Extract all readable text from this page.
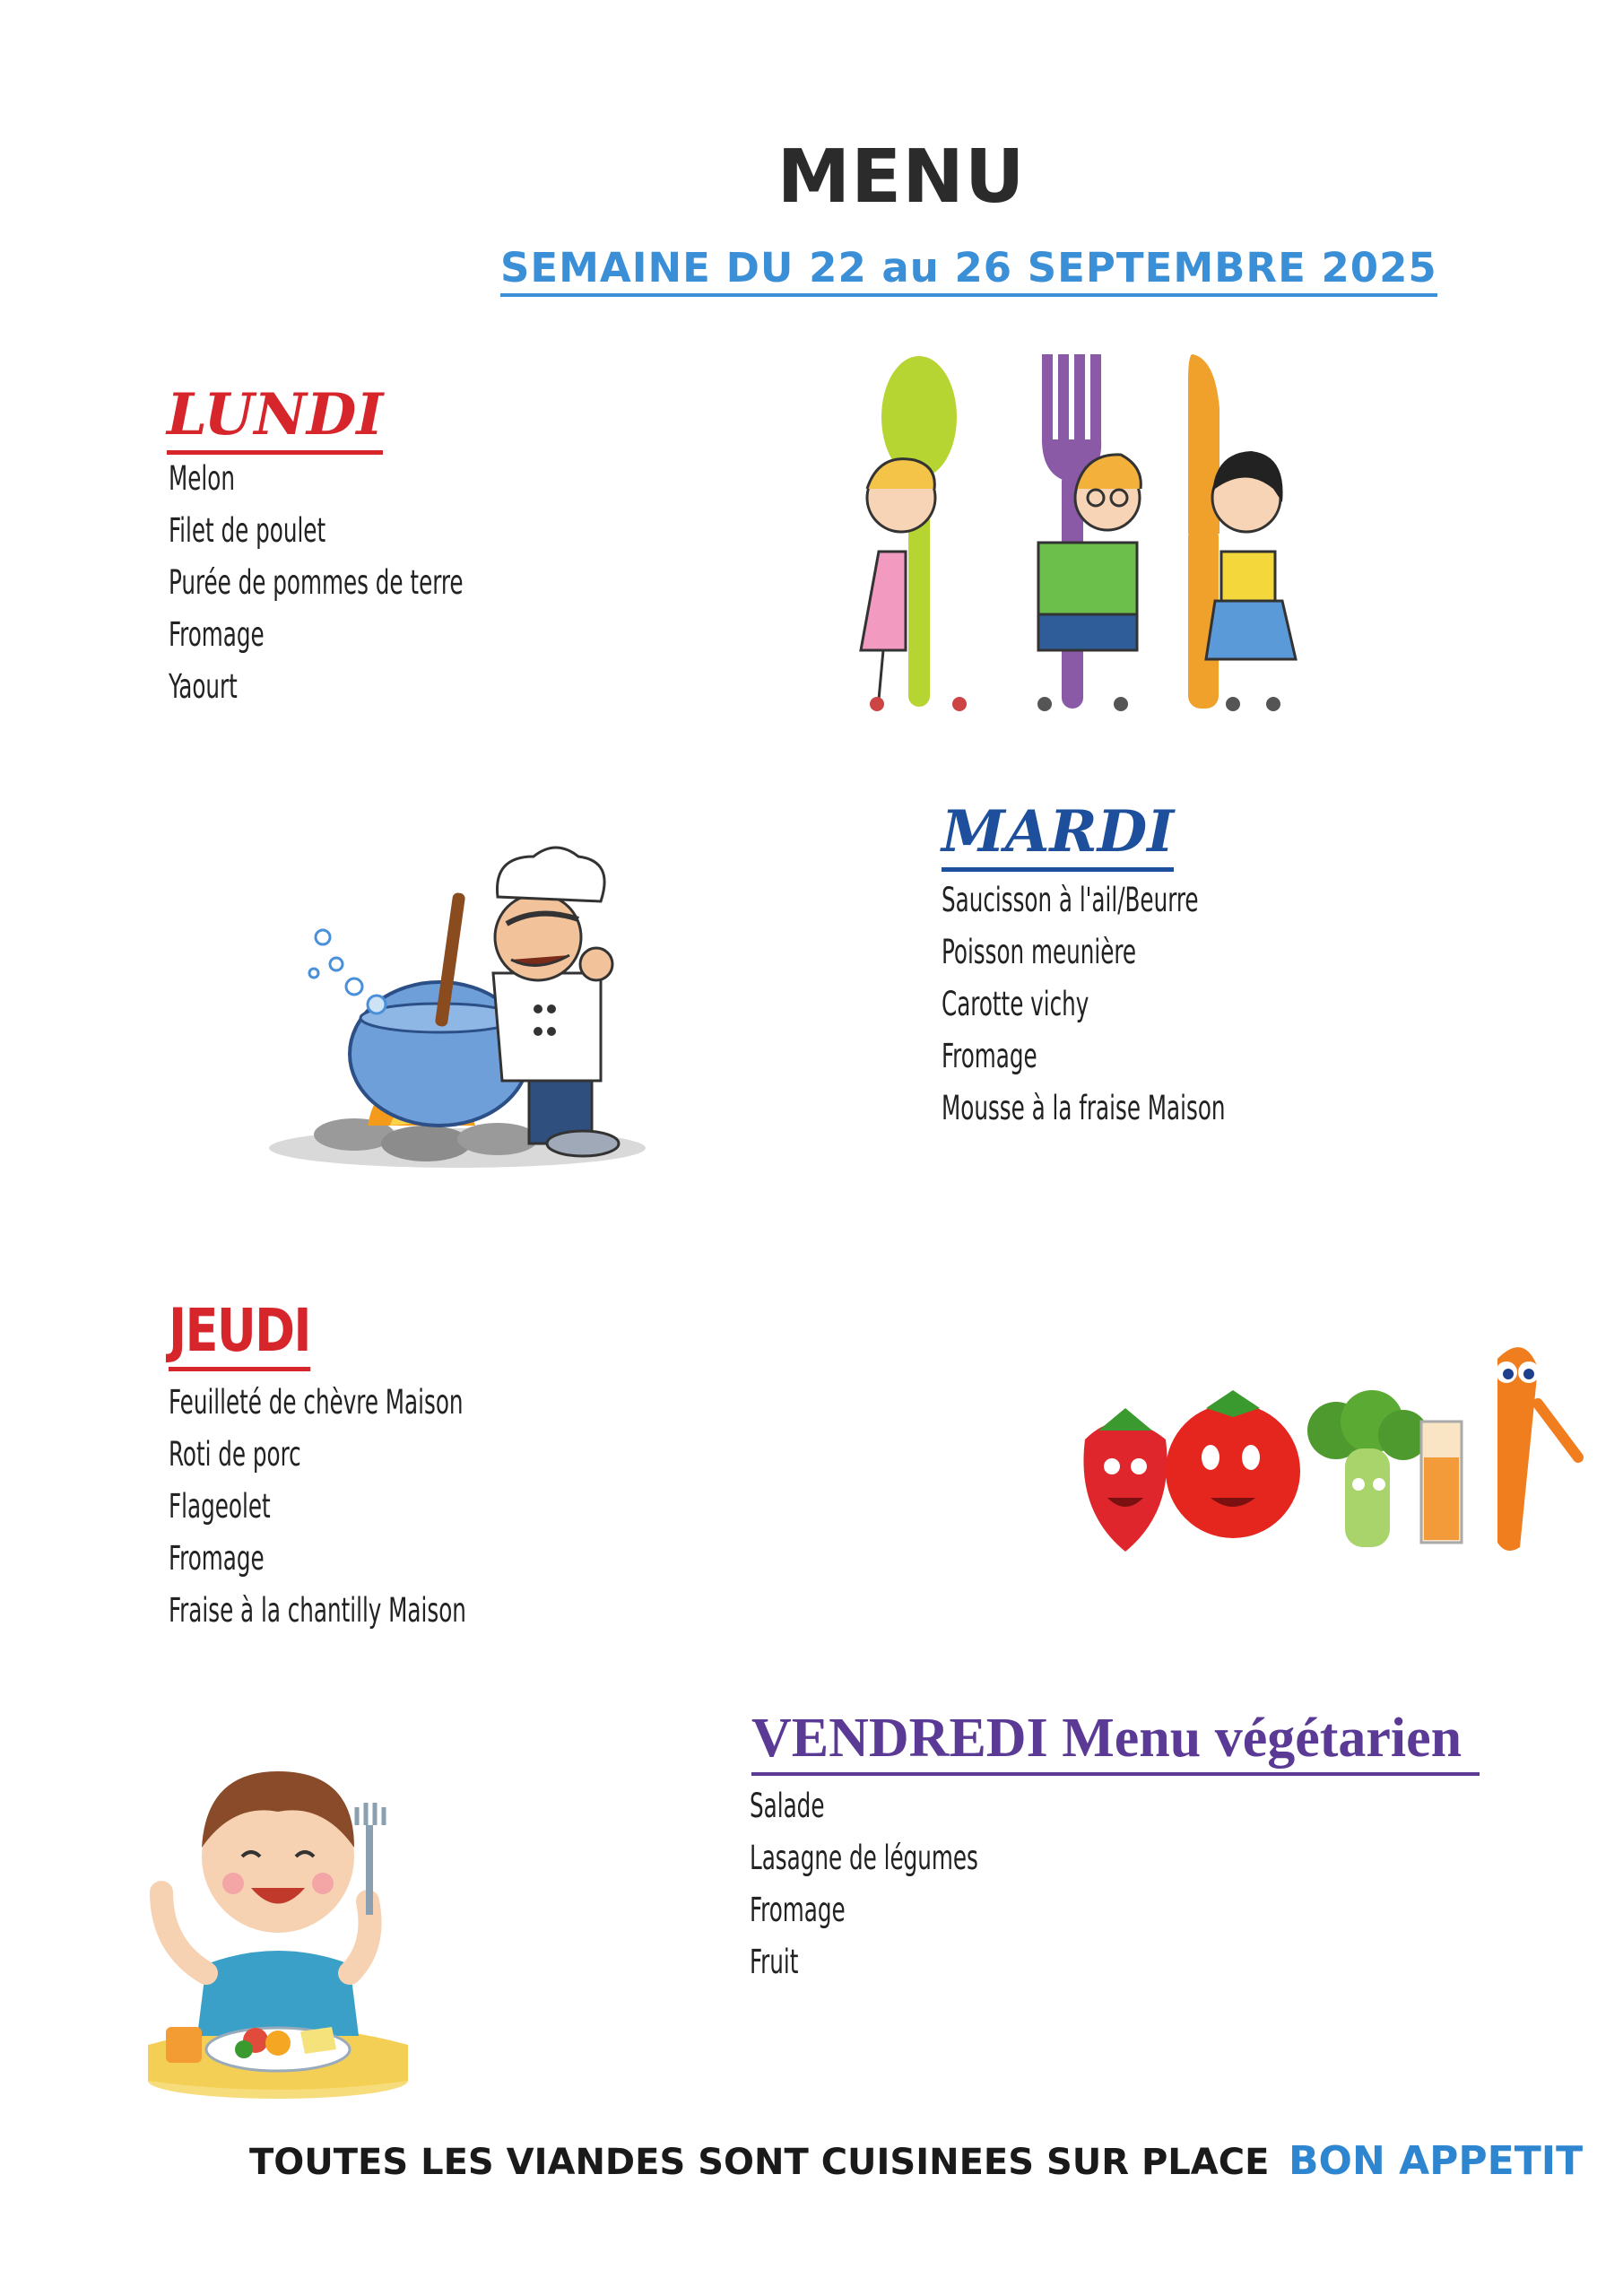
MENU
SEMAINE DU 22 au 26 SEPTEMBRE 2025
LUNDI
Melon
Filet de poulet
Purée de pommes de terre
Fromage
Yaourt
MARDI
Saucisson à l'ail/Beurre
Poisson meunière
Carotte vichy
Fromage
Mousse à la fraise Maison
JEUDI
Feuilleté de chèvre Maison
Roti de porc
Flageolet
Fromage
Fraise à la chantilly Maison
VENDREDI Menu végétarien
Salade
Lasagne de légumes
Fromage
Fruit
TOUTES LES VIANDES SONT CUISINEES SUR PLACE BON APPETIT
